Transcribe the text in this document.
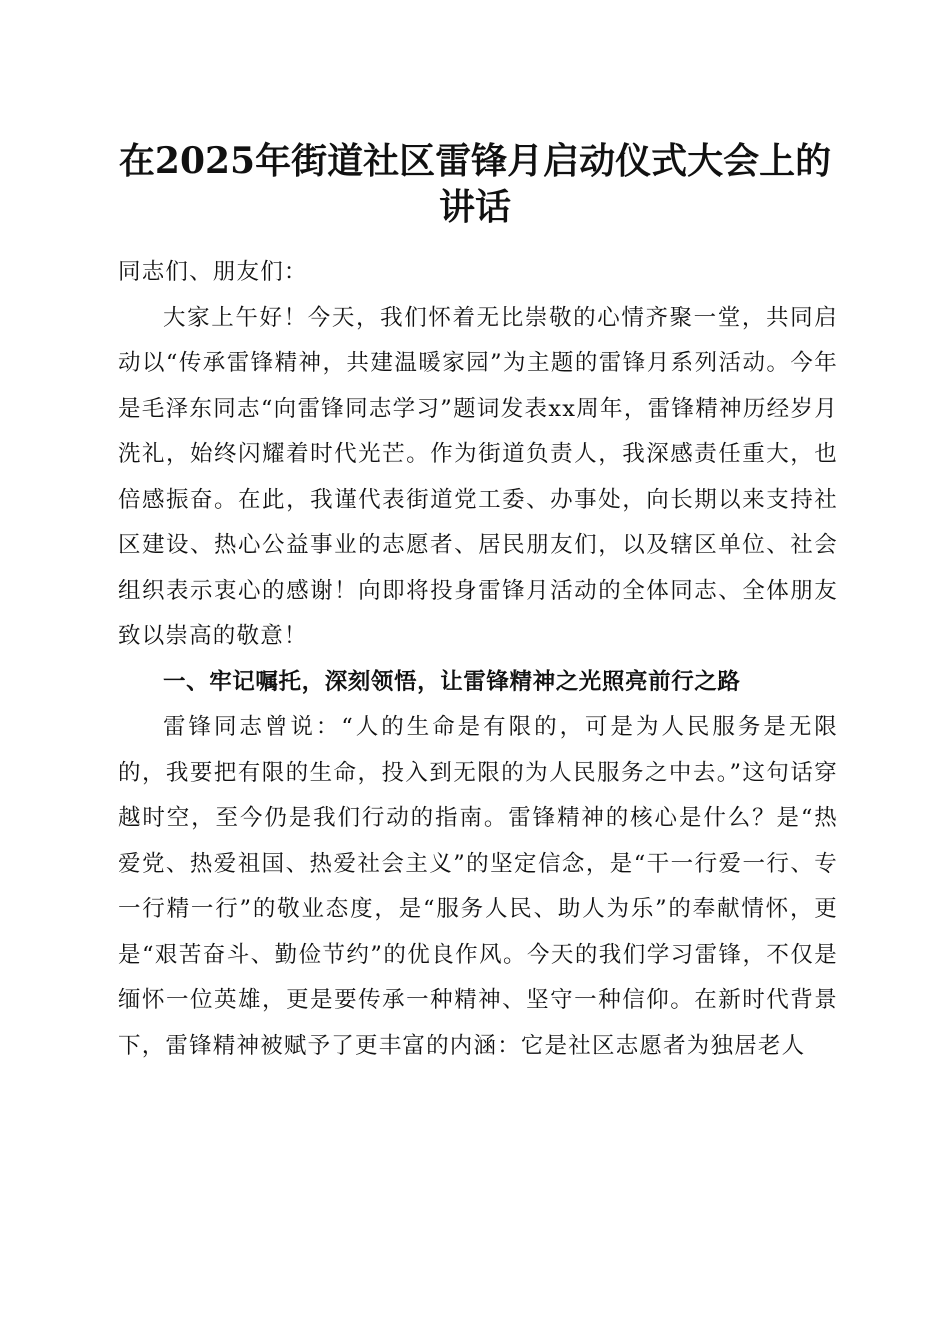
在2025年街道社区雷锋月启动仪式大会上的
讲话

同志们、朋友们：

大家上午好！今天，我们怀着无比崇敬的心情齐聚一堂，共同启动以“传承雷锋精神，共建温暖家园”为主题的雷锋月系列活动。今年是毛泽东同志“向雷锋同志学习”题词发表xx周年，雷锋精神历经岁月洗礼，始终闪耀着时代光芒。作为街道负责人，我深感责任重大，也倍感振奋。在此，我谨代表街道党工委、办事处，向长期以来支持社区建设、热心公益事业的志愿者、居民朋友们，以及辖区单位、社会组织表示衷心的感谢！向即将投身雷锋月活动的全体同志、全体朋友致以崇高的敬意！

一、牢记嘱托，深刻领悟，让雷锋精神之光照亮前行之路

雷锋同志曾说：“人的生命是有限的，可是为人民服务是无限的，我要把有限的生命，投入到无限的为人民服务之中去。”这句话穿越时空，至今仍是我们行动的指南。雷锋精神的核心是什么？是“热爱党、热爱祖国、热爱社会主义”的坚定信念，是“干一行爱一行、专一行精一行”的敬业态度，是“服务人民、助人为乐”的奉献情怀，更是“艰苦奋斗、勤俭节约”的优良作风。今天的我们学习雷锋，不仅是缅怀一位英雄，更是要传承一种精神、坚守一种信仰。在新时代背景下，雷锋精神被赋予了更丰富的内涵：它是社区志愿者为独居老人
